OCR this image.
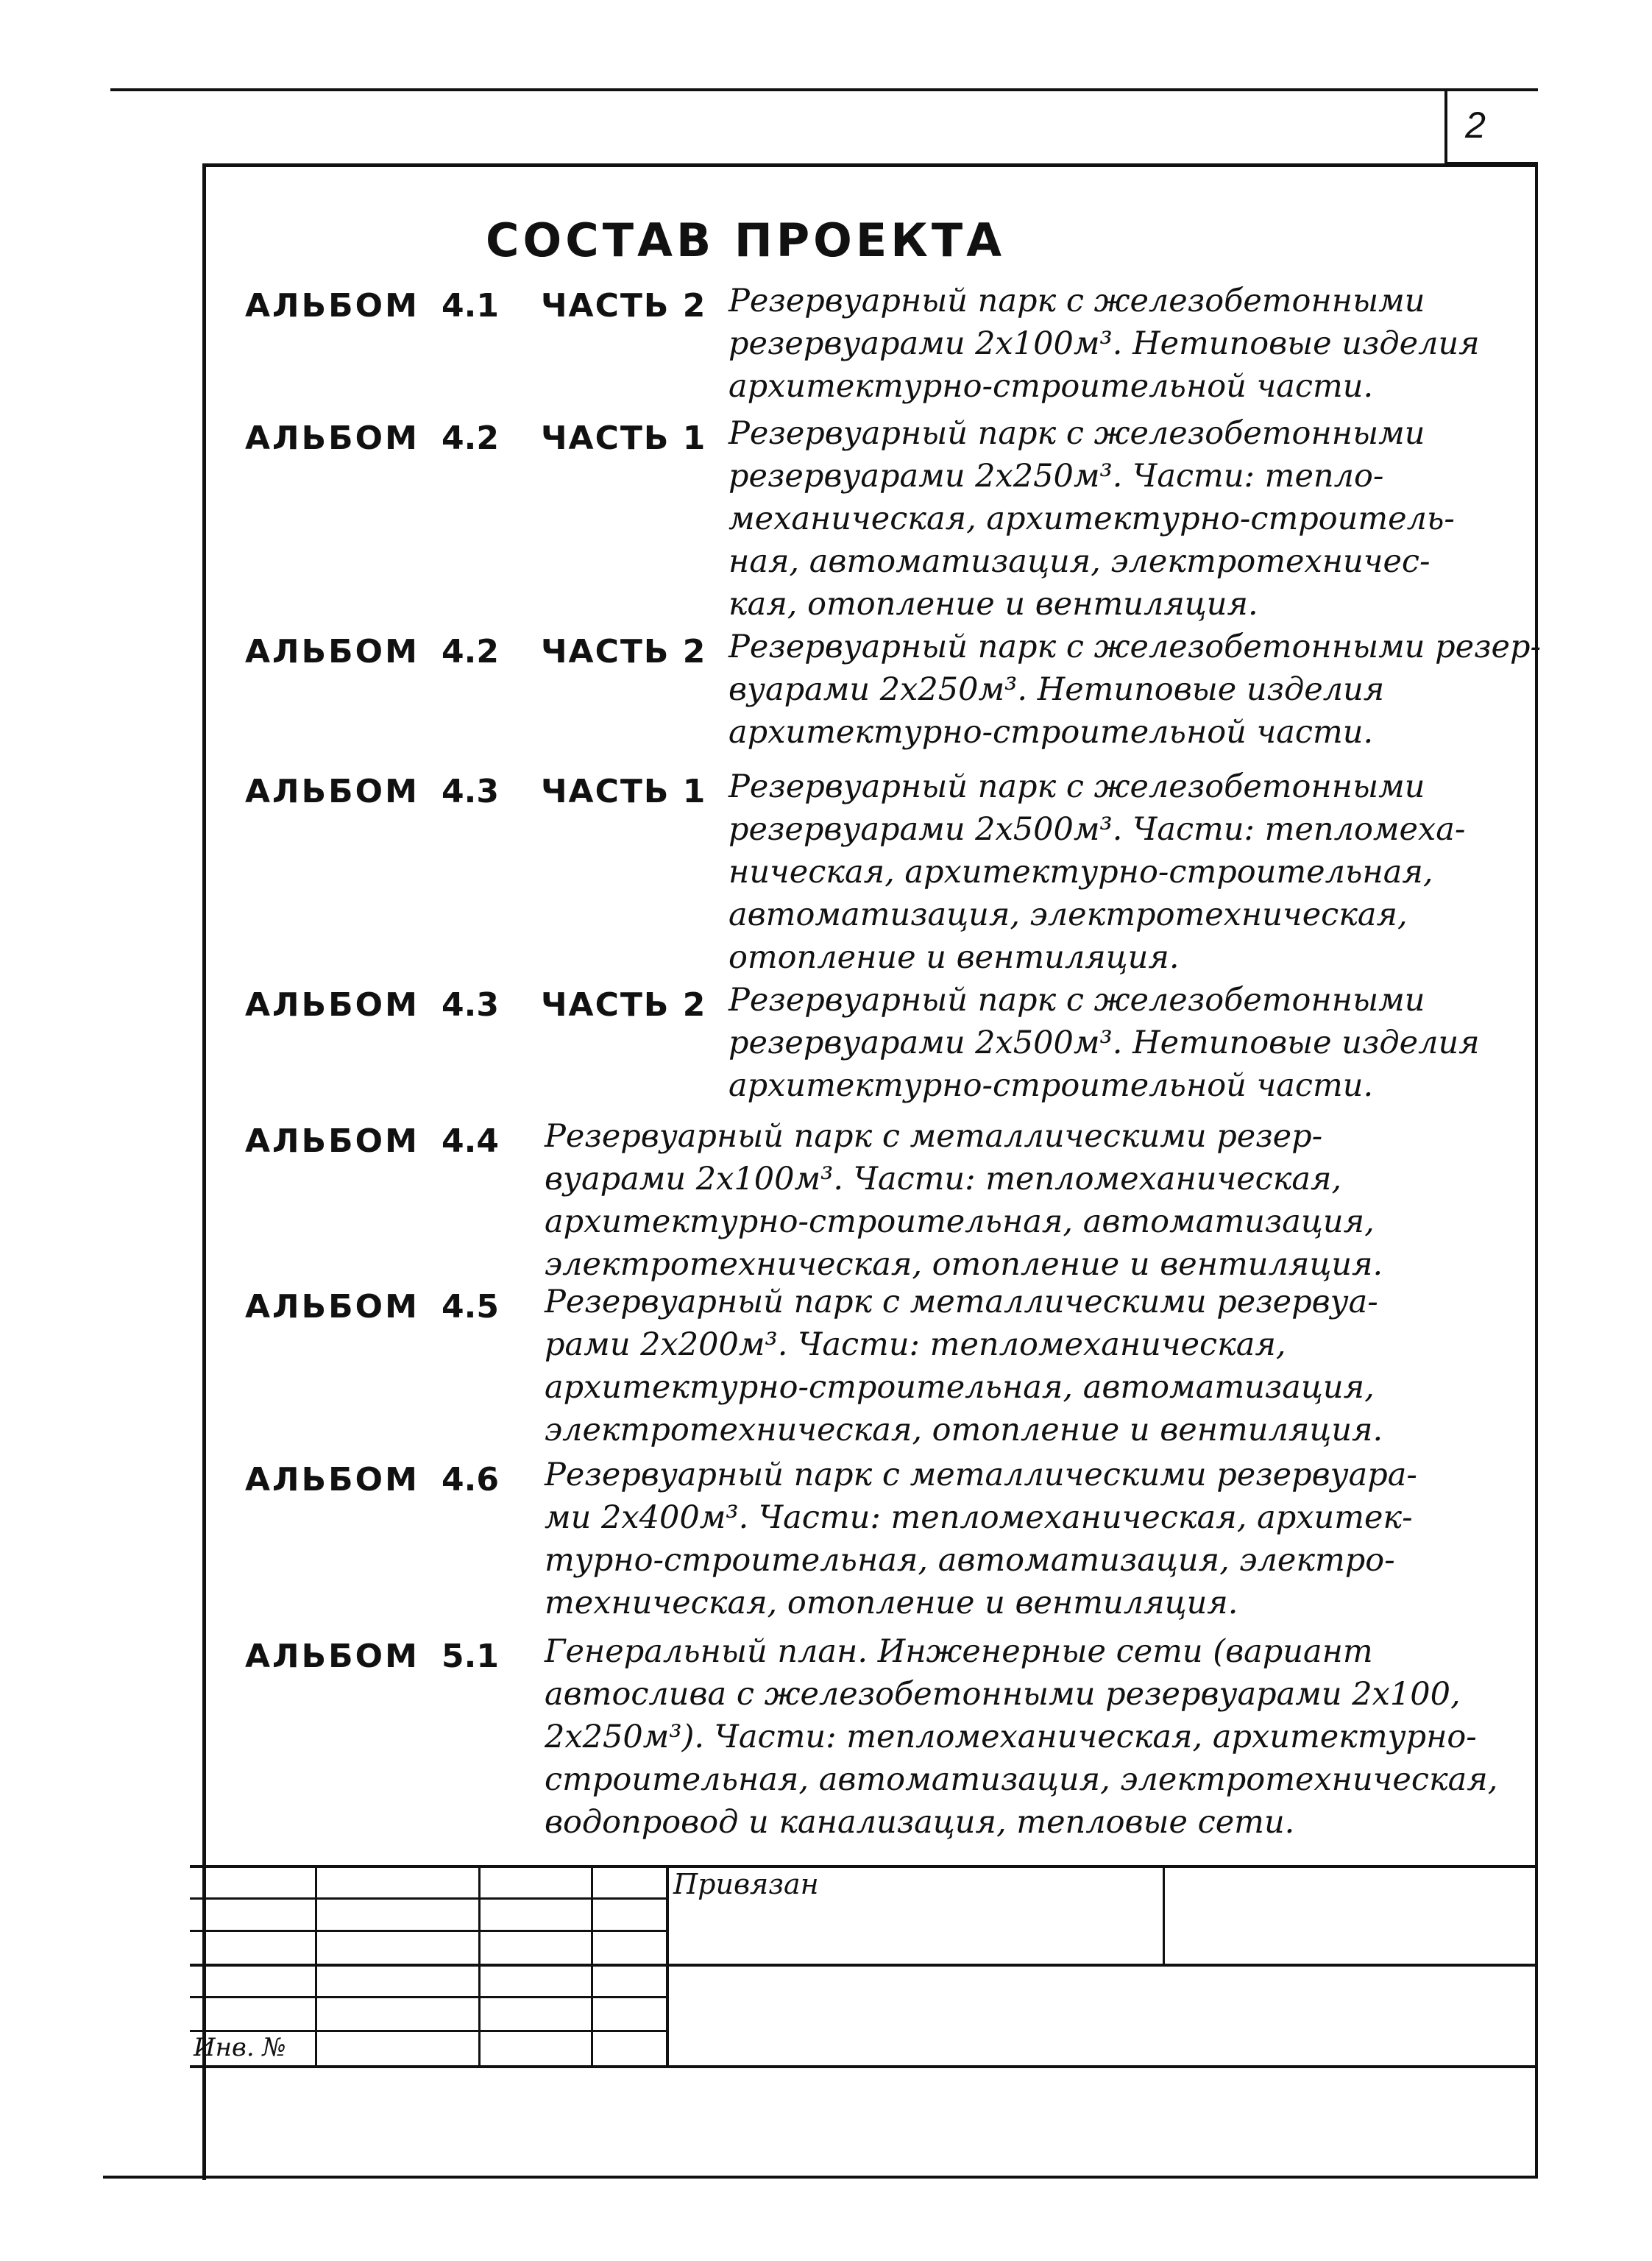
2
СОСТАВ ПРОЕКТА
АЛЬБОМ 4.1 ЧАСТЬ 2 Резервуарный парк с железобетонными
резервуарами 2х100м³. Нетиповые изделия
архитектурно-строительной части.
АЛЬБОМ 4.2 ЧАСТЬ 1 Резервуарный парк с железобетонными
резервуарами 2х250м³. Части: тепло-
механическая, архитектурно-строитель-
ная, автоматизация, электротехничес-
кая, отопление и вентиляция.
АЛЬБОМ 4.2 ЧАСТЬ 2 Резервуарный парк с железобетонными резер-
вуарами 2х250м³. Нетиповые изделия
архитектурно-строительной части.
АЛЬБОМ 4.3 ЧАСТЬ 1 Резервуарный парк с железобетонными
резервуарами 2х500м³. Части: тепломеха-
ническая, архитектурно-строительная,
автоматизация, электротехническая,
отопление и вентиляция.
АЛЬБОМ 4.3 ЧАСТЬ 2 Резервуарный парк с железобетонными
резервуарами 2х500м³. Нетиповые изделия
архитектурно-строительной части.
АЛЬБОМ 4.4 Резервуарный парк с металлическими резер-
вуарами 2х100м³. Части: тепломеханическая,
архитектурно-строительная, автоматизация,
электротехническая, отопление и вентиляция.
АЛЬБОМ 4.5 Резервуарный парк с металлическими резервуа-
рами 2х200м³. Части: тепломеханическая,
архитектурно-строительная, автоматизация,
электротехническая, отопление и вентиляция.
АЛЬБОМ 4.6 Резервуарный парк с металлическими резервуара-
ми 2х400м³. Части: тепломеханическая, архитек-
турно-строительная, автоматизация, электро-
техническая, отопление и вентиляция.
АЛЬБОМ 5.1 Генеральный план. Инженерные сети (вариант
автослива с железобетонными резервуарами 2х100,
2х250м³). Части: тепломеханическая, архитектурно-
строительная, автоматизация, электротехническая,
водопровод и канализация, тепловые сети.
Привязан
Инв. №
